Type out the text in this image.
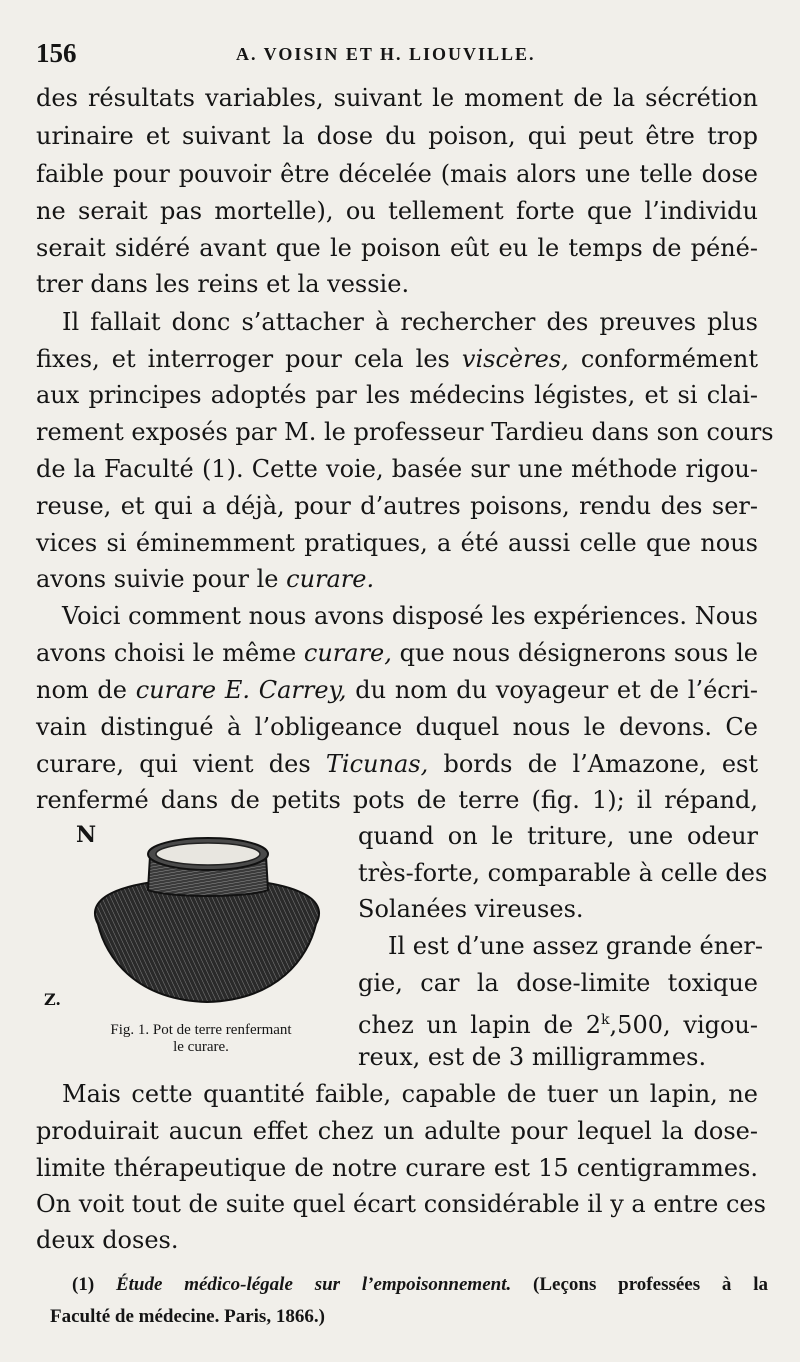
156	A. VOISIN ET H. LIOUVILLE.
des résultats variables, suivant le moment de la sécrétion
urinaire et suivant la dose du poison, qui peut être trop
faible pour pouvoir être décelée (mais alors une telle dose
ne serait pas mortelle), ou tellement forte que l’individu
serait sidéré avant que le poison eût eu le temps de péné-
trer dans les reins et la vessie.
Il fallait donc s’attacher à rechercher des preuves plus
fixes, et interroger pour cela les viscères, conformément
aux principes adoptés par les médecins légistes, et si clai-
rement exposés par M. le professeur Tardieu dans son cours
de la Faculté (1). Cette voie, basée sur une méthode rigou-
reuse, et qui a déjà, pour d’autres poisons, rendu des ser-
vices si éminemment pratiques, a été aussi celle que nous
avons suivie pour le curare.
Voici comment nous avons disposé les expériences. Nous
avons choisi le même curare, que nous désignerons sous le
nom de curare E. Carrey, du nom du voyageur et de l’écri-
vain distingué à l’obligeance duquel nous le devons. Ce
curare, qui vient des Ticunas, bords de l’Amazone, est
renfermé dans de petits pots de terre (fig. 1); il répand,
quand on le triture, une odeur
très-forte, comparable à celle des
Solanées vireuses.
Il est d’une assez grande éner-
gie, car la dose-limite toxique
chez un lapin de 2$^k$,500, vigou-
reux, est de 3 milligrammes.
Mais cette quantité faible, capable de tuer un lapin, ne
produirait aucun effet chez un adulte pour lequel la dose-
limite thérapeutique de notre curare est 15 centigrammes.
On voit tout de suite quel écart considérable il y a entre ces
deux doses.
N
Z.
Fig. 1. Pot de terre renfermant
le curare.
(1) Étude médico-légale sur l’empoisonnement. (Leçons professées à la
Faculté de médecine. Paris, 1866.)
